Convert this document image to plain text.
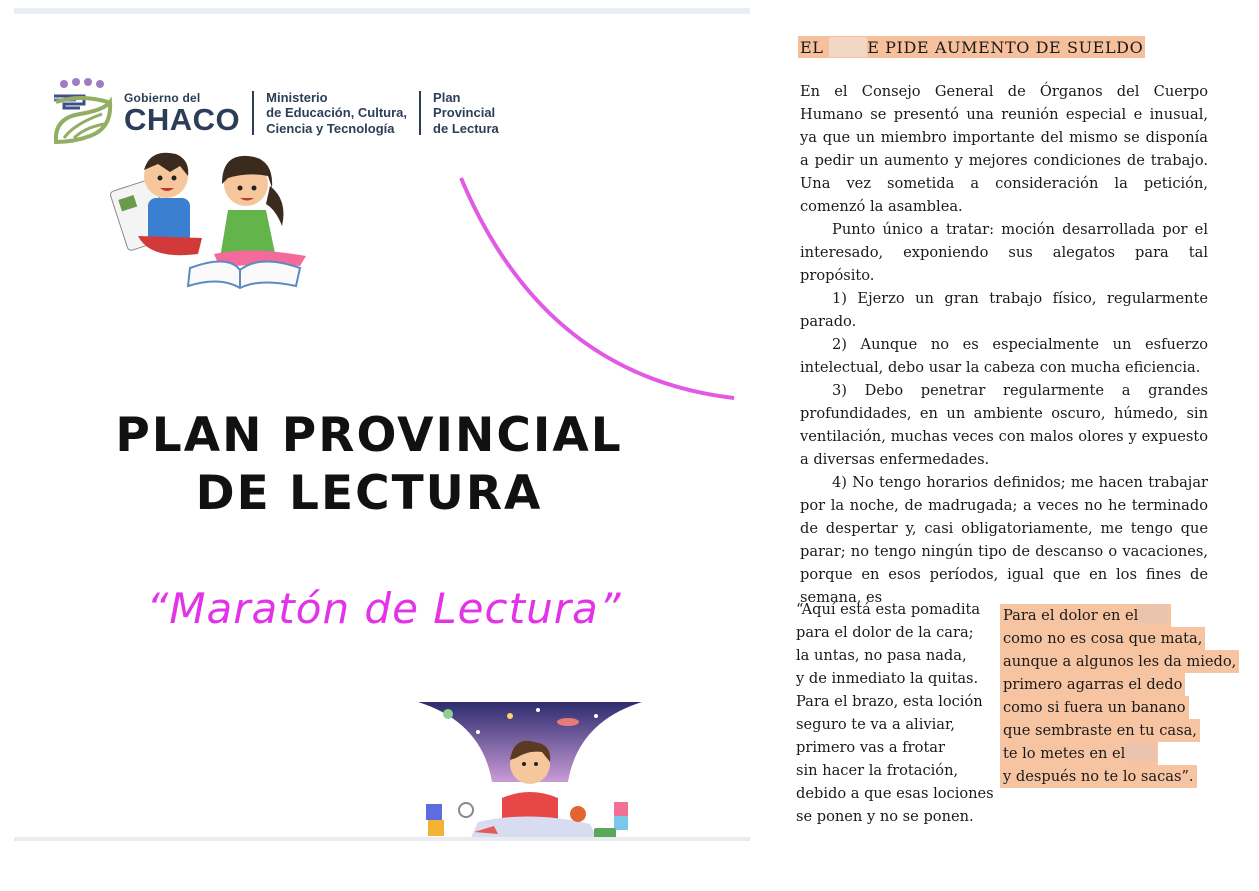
Gobierno del
CHACO
Ministerio
de Educación, Cultura,
Ciencia y Tecnología
Plan
Provincial
de Lectura
PLAN PROVINCIAL
DE LECTURA
“Maratón de Lectura”
EL	E PIDE AUMENTO DE SUELDO

En el Consejo General de Órganos del Cuerpo Humano se presentó una reunión especial e inusual, ya que un miembro importante del mismo se disponía a pedir un aumento y mejores condiciones de trabajo. Una vez sometida a consideración la petición, comenzó la asamblea.

Punto único a tratar: moción desarrollada por el interesado, exponiendo sus alegatos para tal propósito.

1) Ejerzo un gran trabajo físico, regularmente parado.

2) Aunque no es especialmente un esfuerzo intelectual, debo usar la cabeza con mucha eficiencia.

3) Debo penetrar regularmente a grandes profundidades, en un ambiente oscuro, húmedo, sin ventilación, muchas veces con malos olores y expuesto a diversas enfermedades.

4) No tengo horarios definidos; me hacen trabajar por la noche, de madrugada; a veces no he terminado de despertar y, casi obligatoriamente, me tengo que parar; no tengo ningún tipo de descanso o vacaciones, porque en esos períodos, igual que en los fines de semana, es

“Aquí está esta pomadita
para el dolor de la cara;
la untas, no pasa nada,
y de inmediato la quitas.
Para el brazo, esta loción
seguro te va a aliviar,
primero vas a frotar
sin hacer la frotación,
debido a que esas lociones
se ponen y no se ponen.
Para el dolor en el
como no es cosa que mata,
aunque a algunos les da miedo,
primero agarras el dedo
como si fuera un banano
que sembraste en tu casa,
te lo metes en el
y después no te lo sacas”.
